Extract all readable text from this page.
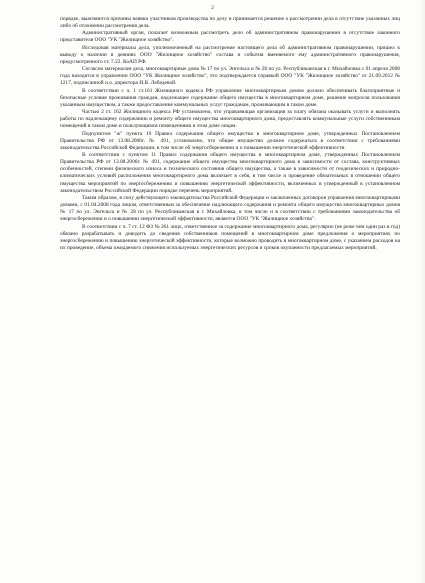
2

порядке, выясняются причины неявки участников производства по делу и принимается решение о рассмотрении дела в отсутствие указанных лиц либо об отложении рассмотрения дела.

Административный орган, полагает возможным рассмотреть дело об административном правонарушении в отсутствие законного представителя ООО "УК "Жилищное хозяйство".

Исследовав материалы дела, уполномоченный на рассмотрение настоящего дела об административном правонарушении, пришел к выводу о наличии в деяниях ООО "Жилищное хозяйство" состава и события вменяемого ему административного правонарушения, предусмотренного ст. 7.22. КоАП РФ.

Согласно материалам дела, многоквартирные дома № 17 по ул. Энгельса и № 28 по ул. Республиканская в г. Михайловка с 01 апреля 2008 года находятся в управлении ООО "УК Жилищное хозяйство", что подтверждается справкой ООО "УК "Жилищное хозяйство" от 21.09.2012 № 1217, подписанной и.о. директора И.В. Лебедевой.

В соответствии с ч. 1 ст.161 Жилищного кодекса РФ управление многоквартирным домом должно обеспечивать благоприятные и безопасные условия проживания граждан, надлежащее содержание общего имущества в многоквартирном доме, решение вопросов пользования указанным имуществом, а также предоставление коммунальных услуг гражданам, проживающим в таком доме.

Частью 2 ст. 162 Жилищного кодекса РФ установлено, что управляющая организация за плату обязана оказывать услуги и выполнять работы по надлежащему содержанию и ремонту общего имущества многоквартирного дома, предоставлять коммунальные услуги собственникам помещений в таком доме и пользующимся помещениями в этом доме лицам.

Подпунктом "ж" пункта 10 Правил содержания общего имущества в многоквартирном доме, утвержденных Постановлением Правительства РФ от 13.08.2006г. № 491, установлено, что общее имущество должно содержаться в соответствии с требованиями законодательства Российской Федерации, в том числе об энергосбережении и о повышении энергетической эффективности.

В соответствии с пунктом 11 Правил содержания общего имущества в многоквартирном доме, утвержденных Постановлением Правительства РФ от 13.08.2006г. № 491, содержание общего имущества многоквартирного дома в зависимости от состава, конструктивных особенностей, степени физического износа и технического состояния общего имущества, а также в зависимости от геодезических и природно-климатических условий расположения многоквартирного дома включает в себя, в том числе и проведение обязательных в отношении общего имущества мероприятий по энергосбережению и повышению энергетической эффективности, включенных в утвержденный в установленном законодательством Российской Федерации порядке перечень мероприятий.

Таким образом, в силу действующего законодательства Российской Федерации и заключенных договоров управления многоквартирными домами, с 01.04.2008 года лицом, ответственным за обеспечение надлежащего содержания и ремонта общего имущества многоквартирных домов № 17 по ул. Энгельса и № 28 по ул. Республиканская в г. Михайловка, в том числе и в соответствии с требованиями законодательства об энергосбережении и о повышении энергетической эффективности, является ООО "УК "Жилищное хозяйство".

В соответствии с ч. 7 ст. 12 ФЗ № 261 лицо, ответственное за содержание многоквартирного дома, регулярно (не реже чем один раз в год) обязано разрабатывать и доводить до сведения собственников помещений в многоквартирном доме предложения о мероприятиях по энергосбережению и повышению энергетической эффективности, которые возможно проводить в многоквартирном доме, с указанием расходов на их проведение, объема ожидаемого снижения используемых энергетических ресурсов и сроков окупаемости предлагаемых мероприятий.
